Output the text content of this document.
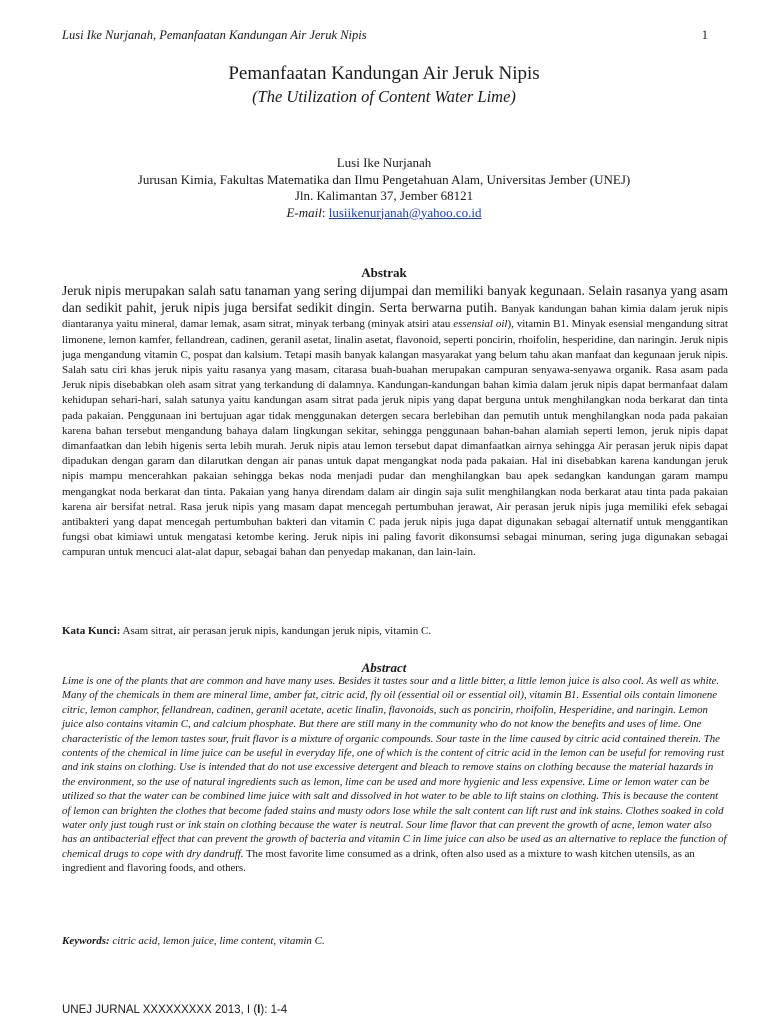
Lusi Ike Nurjanah, Pemanfaatan Kandungan Air Jeruk Nipis	1
Pemanfaatan Kandungan Air Jeruk Nipis

(The Utilization of Content Water Lime)

Lusi Ike Nurjanah
Jurusan Kimia, Fakultas Matematika dan Ilmu Pengetahuan Alam, Universitas Jember (UNEJ)
Jln. Kalimantan 37, Jember 68121
E-mail: lusiikenurjanah@yahoo.co.id

Abstrak

Jeruk nipis merupakan salah satu tanaman yang sering dijumpai dan memiliki banyak kegunaan. Selain rasanya yang asam dan sedikit pahit, jeruk nipis juga bersifat sedikit dingin. Serta berwarna putih. Banyak kandungan bahan kimia dalam jeruk nipis diantaranya yaitu mineral, damar lemak, asam sitrat, minyak terbang (minyak atsiri atau essensial oil), vitamin B1. Minyak esensial mengandung sitrat limonene, lemon kamfer, fellandrean, cadinen, geranil asetat, linalin asetat, flavonoid, seperti poncirin, rhoifolin, hesperidine, dan naringin. Jeruk nipis juga mengandung vitamin C, pospat dan kalsium. Tetapi masih banyak kalangan masyarakat yang belum tahu akan manfaat dan kegunaan jeruk nipis. Salah satu ciri khas jeruk nipis yaitu rasanya yang masam, citarasa buah-buahan merupakan campuran senyawa-senyawa organik. Rasa asam pada Jeruk nipis disebabkan oleh asam sitrat yang terkandung di dalamnya. Kandungan-kandungan bahan kimia dalam jeruk nipis dapat bermanfaat dalam kehidupan sehari-hari, salah satunya yaitu kandungan asam sitrat pada jeruk nipis yang dapat berguna untuk menghilangkan noda berkarat dan tinta pada pakaian. Penggunaan ini bertujuan agar tidak menggunakan detergen secara berlebihan dan pemutih untuk menghilangkan noda pada pakaian karena bahan tersebut mengandung bahaya dalam lingkungan sekitar, sehingga penggunaan bahan-bahan alamiah seperti lemon, jeruk nipis dapat dimanfaatkan dan lebih higenis serta lebih murah. Jeruk nipis atau lemon tersebut dapat dimanfaatkan airnya sehingga Air perasan jeruk nipis dapat dipadukan dengan garam dan dilarutkan dengan air panas untuk dapat mengangkat noda pada pakaian. Hal ini disebabkan karena kandungan jeruk nipis mampu mencerahkan pakaian sehingga bekas noda menjadi pudar dan menghilangkan bau apek sedangkan kandungan garam mampu mengangkat noda berkarat dan tinta. Pakaian yang hanya direndam dalam air dingin saja sulit menghilangkan noda berkarat atau tinta pada pakaian karena air bersifat netral. Rasa jeruk nipis yang masam dapat mencegah pertumbuhan jerawat, Air perasan jeruk nipis juga memiliki efek sebagai antibakteri yang dapat mencegah pertumbuhan bakteri dan vitamin C pada jeruk nipis juga dapat digunakan sebagai alternatif untuk menggantikan fungsi obat kimiawi untuk mengatasi ketombe kering. Jeruk nipis ini paling favorit dikonsumsi sebagai minuman, sering juga digunakan sebagai campuran untuk mencuci alat-alat dapur, sebagai bahan dan penyedap makanan, dan lain-lain.
Kata Kunci: Asam sitrat, air perasan jeruk nipis, kandungan jeruk nipis, vitamin C.

Abstract

Lime is one of the plants that are common and have many uses. Besides it tastes sour and a little bitter, a little lemon juice is also cool. As well as white. Many of the chemicals in them are mineral lime, amber fat, citric acid, fly oil (essential oil or essential oil), vitamin B1. Essential oils contain limonene citric, lemon camphor, fellandrean, cadinen, geranil acetate, acetic linalin, flavonoids, such as poncirin, rhoifolin, Hesperidine, and naringin. Lemon juice also contains vitamin C, and calcium phosphate. But there are still many in the community who do not know the benefits and uses of lime. One characteristic of the lemon tastes sour, fruit flavor is a mixture of organic compounds. Sour taste in the lime caused by citric acid contained therein. The contents of the chemical in lime juice can be useful in everyday life, one of which is the content of citric acid in the lemon can be useful for removing rust and ink stains on clothing. Use is intended that do not use excessive detergent and bleach to remove stains on clothing because the material hazards in the environment, so the use of natural ingredients such as lemon, lime can be used and more hygienic and less expensive. Lime or lemon water can be utilized so that the water can be combined lime juice with salt and dissolved in hot water to be able to lift stains on clothing. This is because the content of lemon can brighten the clothes that become faded stains and musty odors lose while the salt content can lift rust and ink stains. Clothes soaked in cold water only just tough rust or ink stain on clothing because the water is neutral. Sour lime flavor that can prevent the growth of acne, lemon water also has an antibacterial effect that can prevent the growth of bacteria and vitamin C in lime juice can also be used as an alternative to replace the function of chemical drugs to cope with dry dandruff. The most favorite lime consumed as a drink, often also used as a mixture to wash kitchen utensils, as an ingredient and flavoring foods, and others.
Keywords: citric acid, lemon juice, lime content, vitamin C.
UNEJ JURNAL XXXXXXXXX 2013, I (I): 1-4
